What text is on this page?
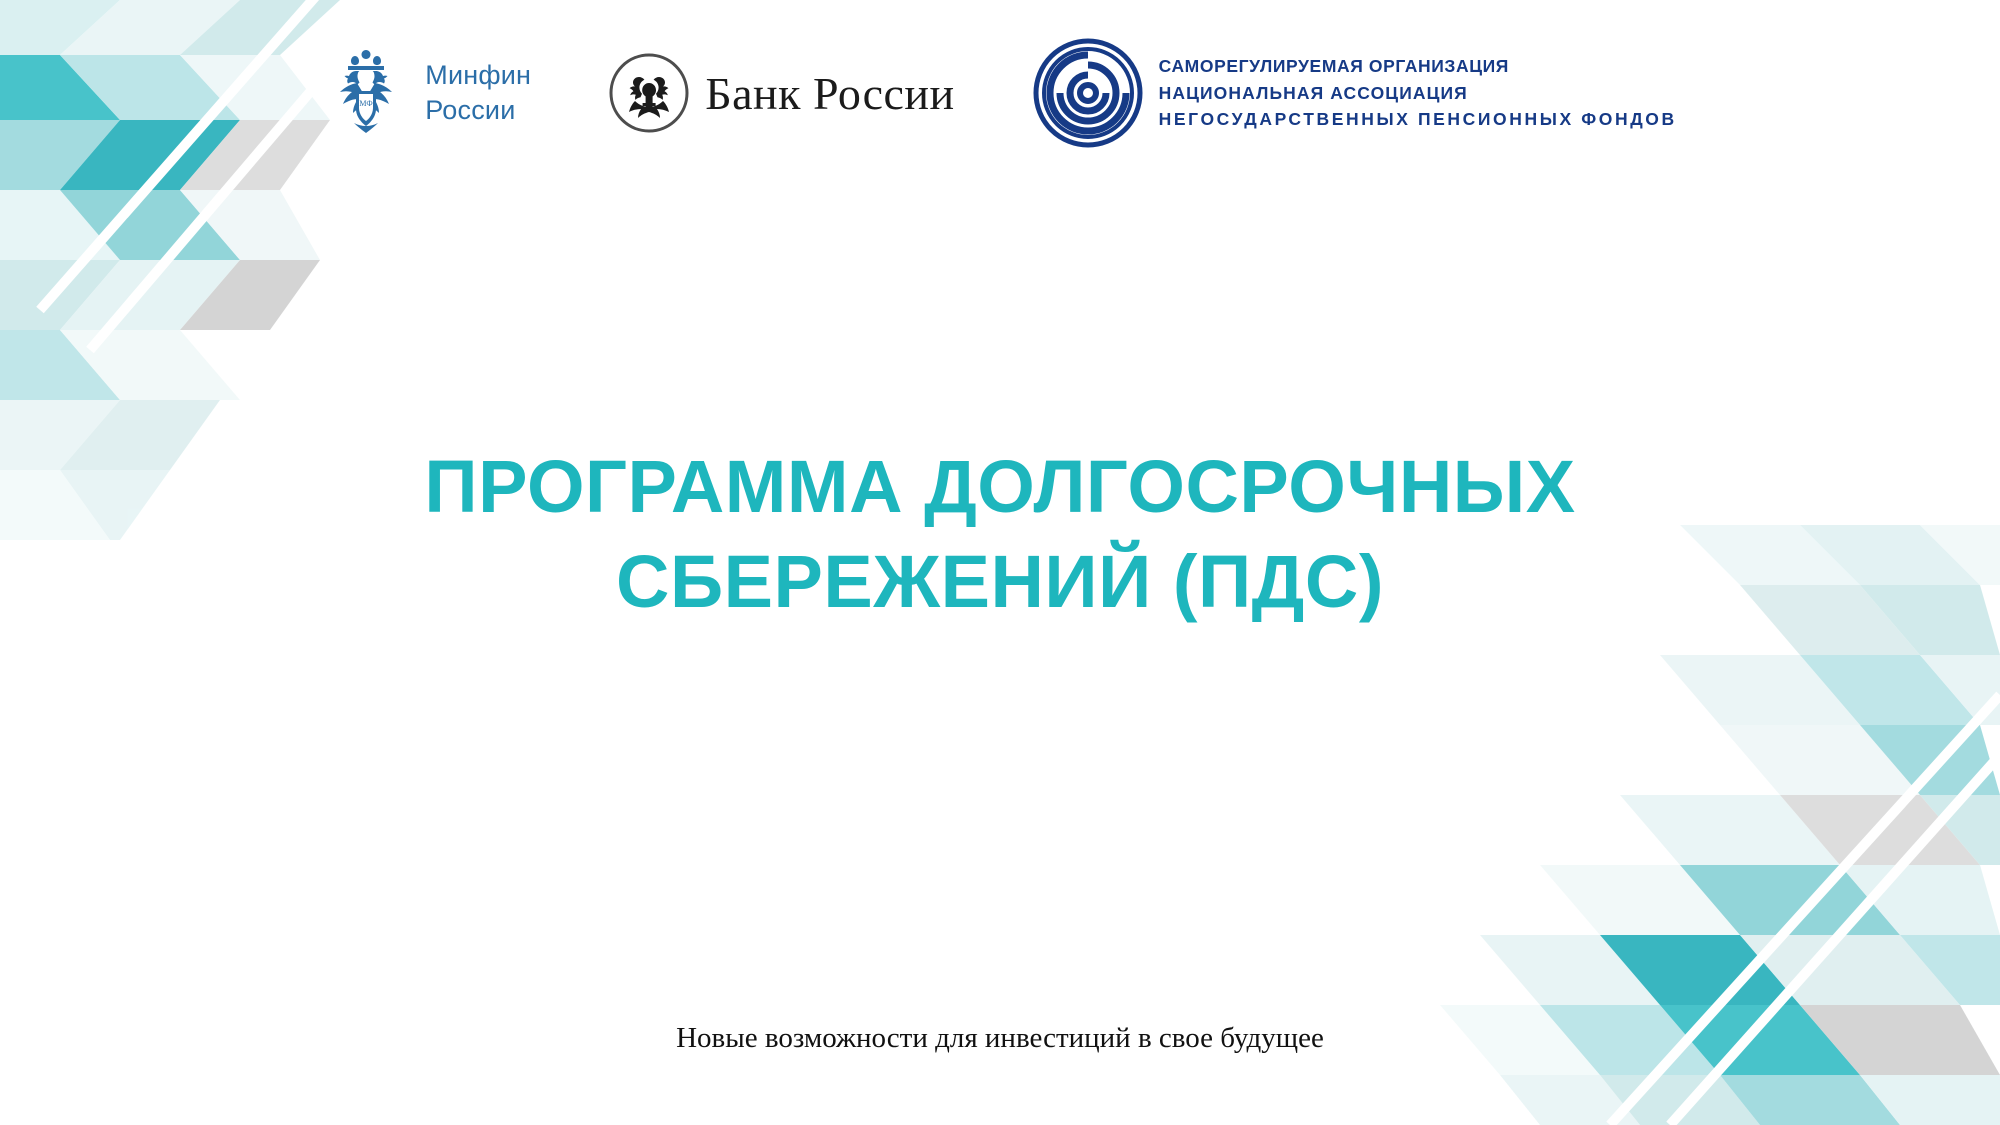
МФ
Минфин
России	Банк России
САМОРЕГУЛИРУЕМАЯ ОРГАНИЗАЦИЯ
НАЦИОНАЛЬНАЯ АССОЦИАЦИЯ
НЕГОСУДАРСТВЕННЫХ ПЕНСИОННЫХ ФОНДОВ
ПРОГРАММА ДОЛГОСРОЧНЫХ СБЕРЕЖЕНИЙ (ПДС)

Новые возможности для инвестиций в свое будущее
